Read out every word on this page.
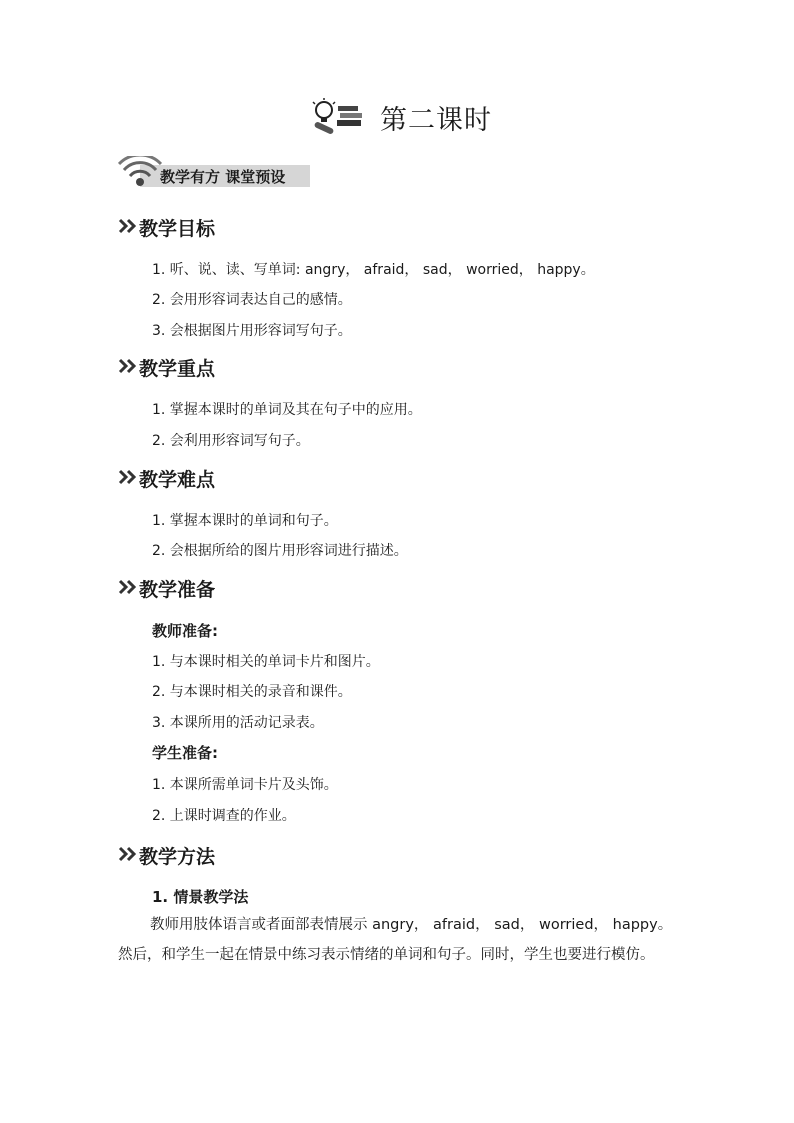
第二课时
教学有方 课堂预设
教学目标
1. 听、说、读、写单词: angry， afraid， sad， worried， happy。
2. 会用形容词表达自己的感情。
3. 会根据图片用形容词写句子。
教学重点
1. 掌握本课时的单词及其在句子中的应用。
2. 会利用形容词写句子。
教学难点
1. 掌握本课时的单词和句子。
2. 会根据所给的图片用形容词进行描述。
教学准备
教师准备:
1. 与本课时相关的单词卡片和图片。
2. 与本课时相关的录音和课件。
3. 本课所用的活动记录表。
学生准备:
1. 本课所需单词卡片及头饰。
2. 上课时调查的作业。
教学方法
1. 情景教学法
教师用肢体语言或者面部表情展示 angry， afraid， sad， worried， happy。然后，和学生一起在情景中练习表示情绪的单词和句子。同时，学生也要进行模仿。
